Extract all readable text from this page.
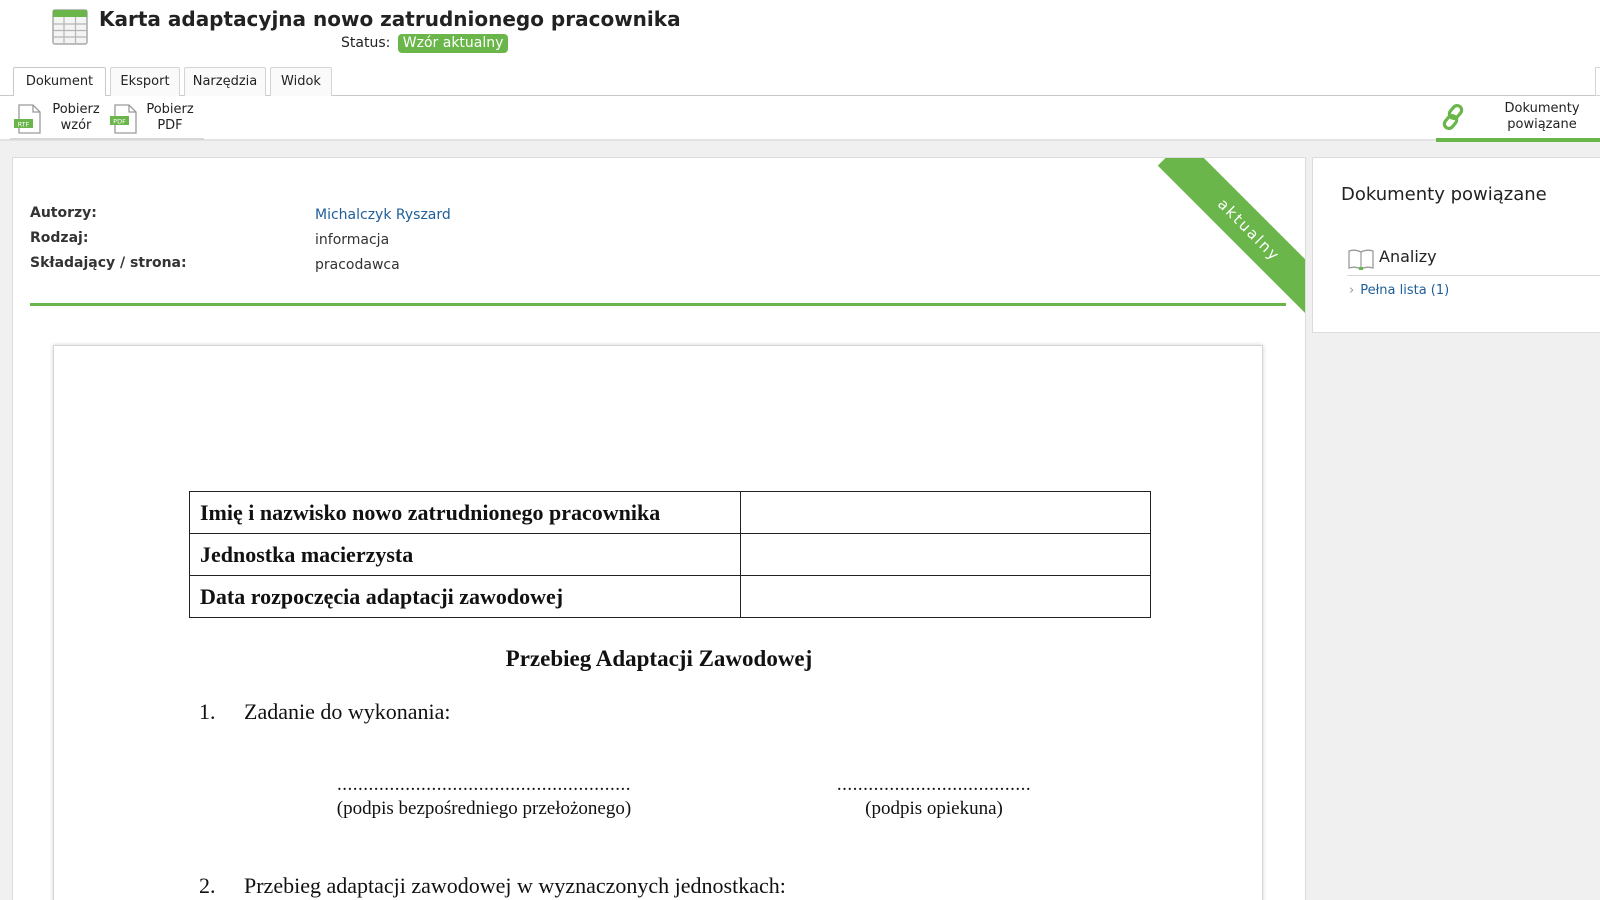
Karta adaptacyjna nowo zatrudnionego pracownika
Status: Wzór aktualny
Dokument	Eksport	Narzędzia	Widok
RTF
Pobierz
wzór	PDF
Pobierz
PDF
Dokumenty
powiązane
Autorzy:	Michalczyk Ryszard
Rodzaj:	informacja
Składający / strona:	pracodawca	aktualny
Imię i nazwisko nowo zatrudnionego pracownika	
Jednostka macierzysta	
Data rozpoczęcia adaptacji zawodowej	
Przebieg Adaptacji Zawodowej
1. Zadanie do wykonania:
........................................................
(podpis bezpośredniego przełożonego)
.....................................
(podpis opiekuna)
2. Przebieg adaptacji zawodowej w wyznaczonych jednostkach:
Dokumenty powiązane
Analizy
› Pełna lista (1)
